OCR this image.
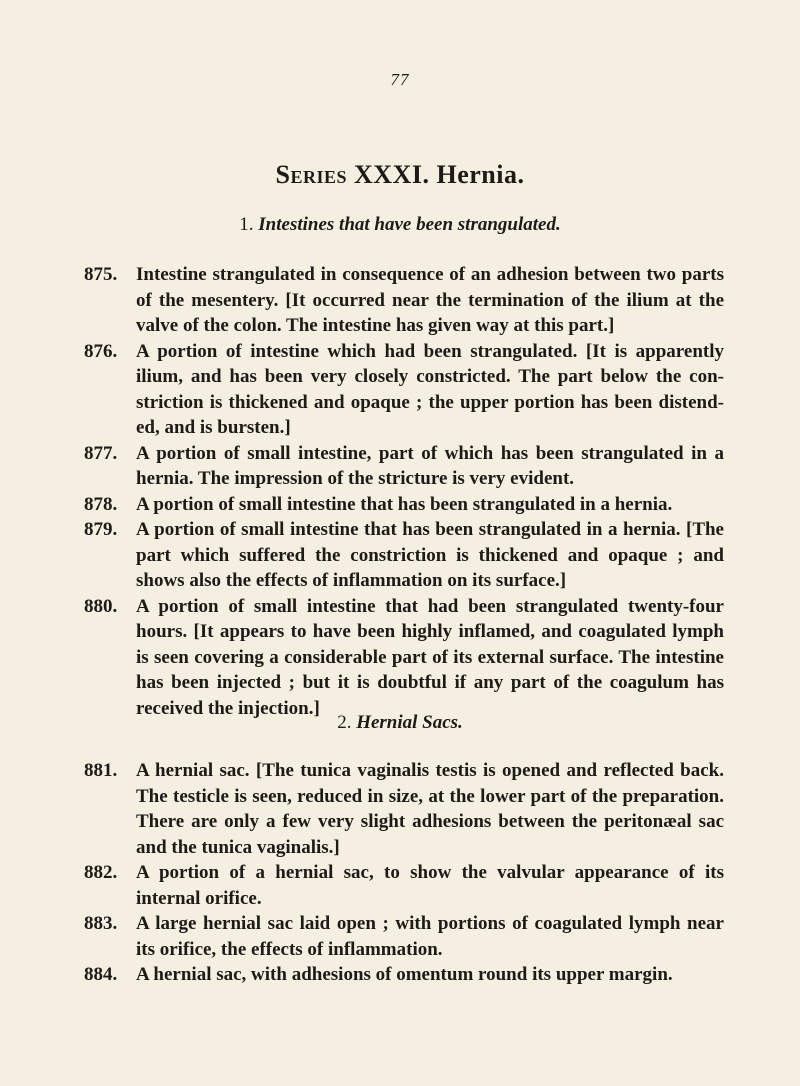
77
Series XXXI. Hernia.
1. Intestines that have been strangulated.
875. Intestine strangulated in consequence of an adhesion between two parts of the mesentery. [It occurred near the termination of the ilium at the valve of the colon. The intestine has given way at this part.]
876. A portion of intestine which had been strangulated. [It is apparently ilium, and has been very closely constricted. The part below the con- striction is thickened and opaque ; the upper portion has been distend- ed, and is bursten.]
877. A portion of small intestine, part of which has been strangulated in a hernia. The impression of the stricture is very evident.
878. A portion of small intestine that has been strangulated in a hernia.
879. A portion of small intestine that has been strangulated in a hernia. [The part which suffered the constriction is thickened and opaque ; and shows also the effects of inflammation on its surface.]
880. A portion of small intestine that had been strangulated twenty-four hours. [It appears to have been highly inflamed, and coagulated lymph is seen covering a considerable part of its external surface. The intestine has been injected ; but it is doubtful if any part of the coagulum has received the injection.]
2. Hernial Sacs.
881. A hernial sac. [The tunica vaginalis testis is opened and reflected back. The testicle is seen, reduced in size, at the lower part of the preparation. There are only a few very slight adhesions between the peritonæal sac and the tunica vaginalis.]
882. A portion of a hernial sac, to show the valvular appearance of its internal orifice.
883. A large hernial sac laid open ; with portions of coagulated lymph near its orifice, the effects of inflammation.
884. A hernial sac, with adhesions of omentum round its upper margin.
